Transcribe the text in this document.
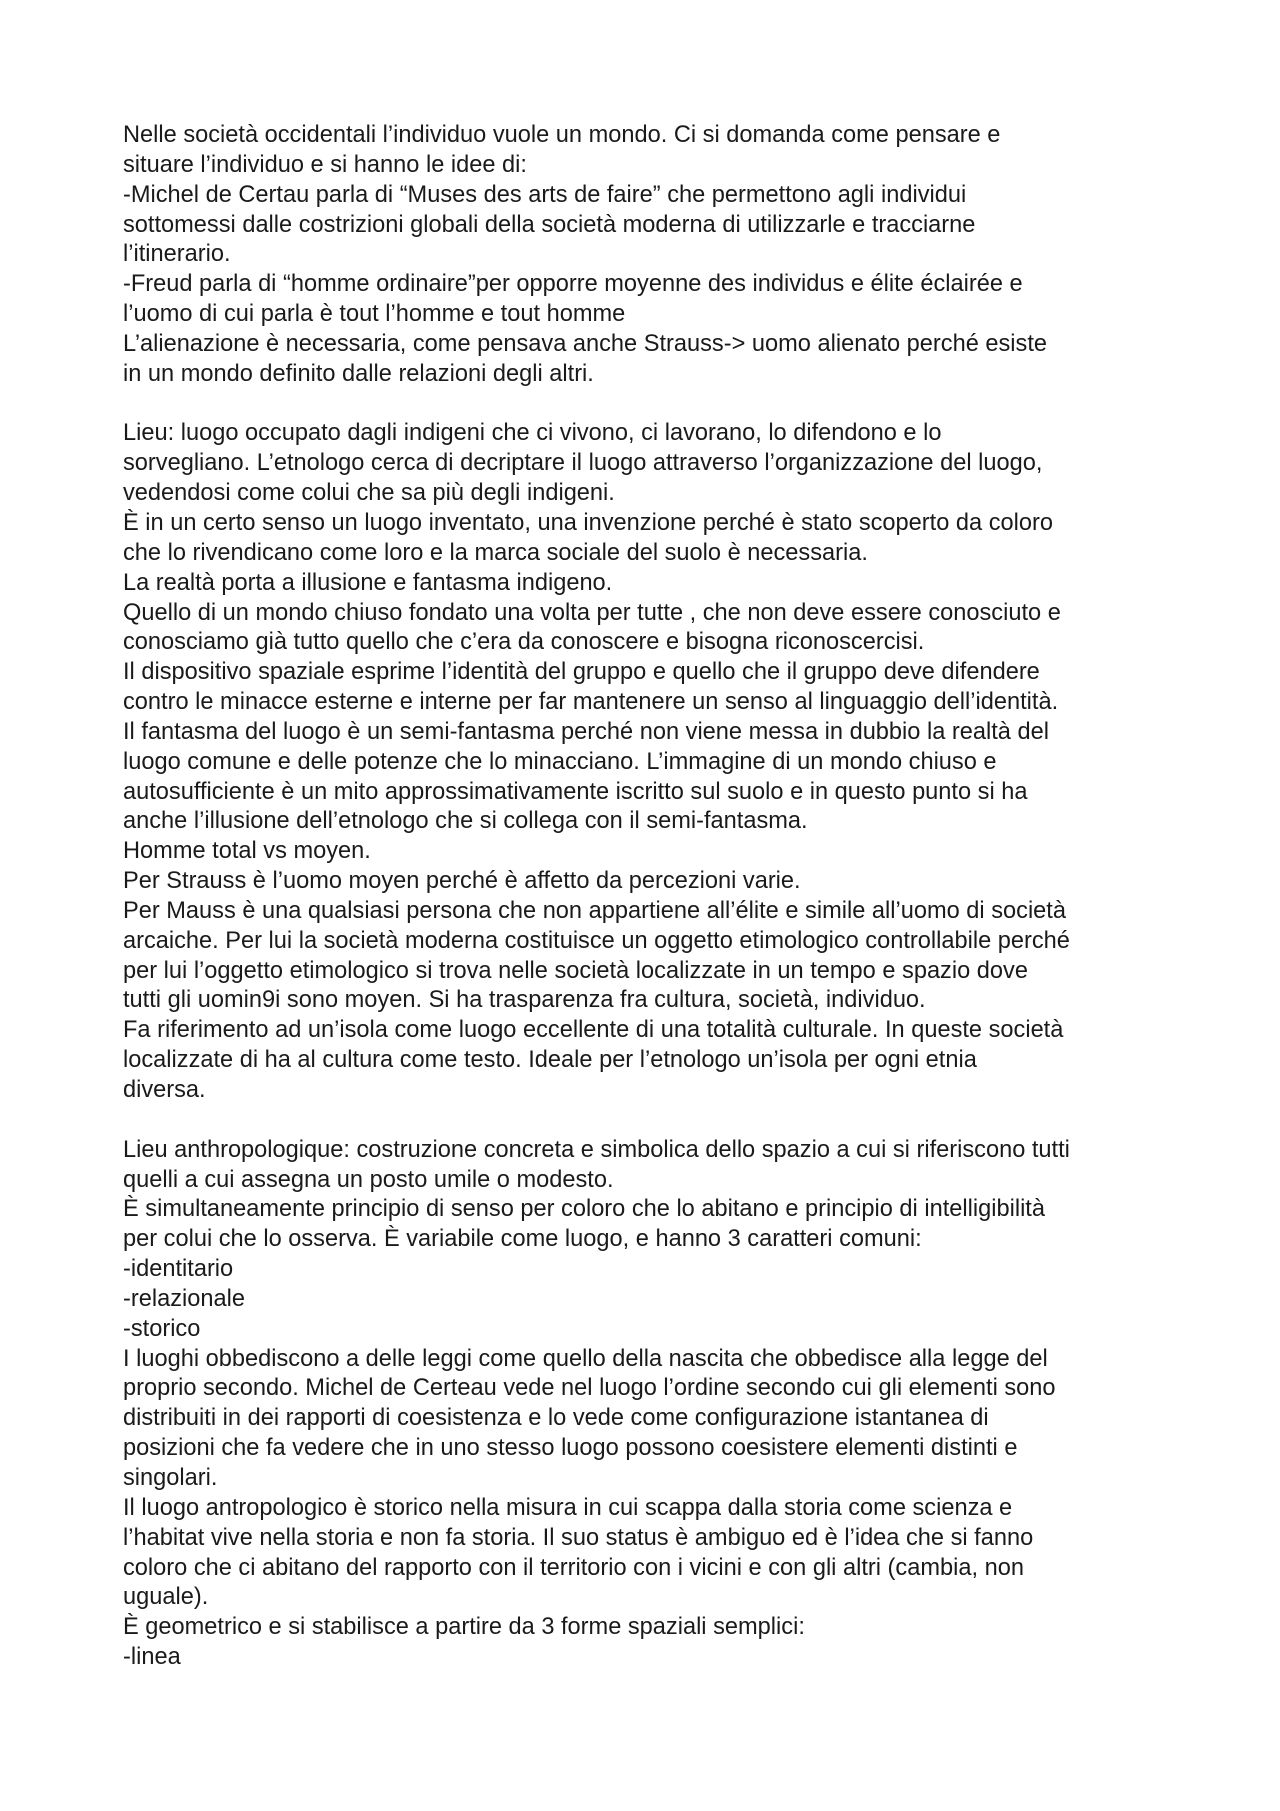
Nelle società occidentali l’individuo vuole un mondo. Ci si domanda come pensare e
situare l’individuo e si hanno le idee di:
-Michel de Certau parla di “Muses des arts de faire” che permettono agli individui
sottomessi dalle costrizioni globali della società moderna di utilizzarle e tracciarne
l’itinerario.
-Freud parla di “homme ordinaire”per opporre moyenne des individus e élite éclairée e
l’uomo di cui parla è tout l’homme e tout homme
L’alienazione è necessaria, come pensava anche Strauss-> uomo alienato perché esiste
in un mondo definito dalle relazioni degli altri.
Lieu: luogo occupato dagli indigeni che ci vivono, ci lavorano, lo difendono e lo
sorvegliano. L’etnologo cerca di decriptare il luogo attraverso l’organizzazione del luogo,
vedendosi come colui che sa più degli indigeni.
È in un certo senso un luogo inventato, una invenzione perché è stato scoperto da coloro
che lo rivendicano come loro e la marca sociale del suolo è necessaria.
La realtà porta a illusione e fantasma indigeno.
Quello di un mondo chiuso fondato una volta per tutte , che non deve essere conosciuto e
conosciamo già tutto quello che c’era da conoscere e bisogna riconoscercisi.
Il dispositivo spaziale esprime l’identità del gruppo e quello che il gruppo deve difendere
contro le minacce esterne e interne per far mantenere un senso al linguaggio dell’identità.
Il fantasma del luogo è un semi-fantasma perché non viene messa in dubbio la realtà del
luogo comune e delle potenze che lo minacciano. L’immagine di un mondo chiuso e
autosufficiente è un mito approssimativamente iscritto sul suolo e in questo punto si ha
anche l’illusione dell’etnologo che si collega con il semi-fantasma.
Homme total vs moyen.
Per Strauss è l’uomo moyen perché è affetto da percezioni varie.
Per Mauss è una qualsiasi persona che non appartiene all’élite e simile all’uomo di società
arcaiche. Per lui la società moderna costituisce un oggetto etimologico controllabile perché
per lui l’oggetto etimologico si trova nelle società localizzate in un tempo e spazio dove
tutti gli uomin9i sono moyen. Si ha trasparenza fra cultura, società, individuo.
Fa riferimento ad un’isola come luogo eccellente di una totalità culturale. In queste società
localizzate di ha al cultura come testo. Ideale per l’etnologo un’isola per ogni etnia
diversa.
Lieu anthropologique: costruzione concreta e simbolica dello spazio a cui si riferiscono tutti
quelli a cui assegna un posto umile o modesto.
È simultaneamente principio di senso per coloro che lo abitano e principio di intelligibilità
per colui che lo osserva. È variabile come luogo, e hanno 3 caratteri comuni:
-identitario
-relazionale
-storico
I luoghi obbediscono a delle leggi come quello della nascita che obbedisce alla legge del
proprio secondo. Michel de Certeau vede nel luogo l’ordine secondo cui gli elementi sono
distribuiti in dei rapporti di coesistenza e lo vede come configurazione istantanea di
posizioni che fa vedere che in uno stesso luogo possono coesistere elementi distinti e
singolari.
Il luogo antropologico è storico nella misura in cui scappa dalla storia come scienza e
l’habitat vive nella storia e non fa storia. Il suo status è ambiguo ed è l’idea che si fanno
coloro che ci abitano del rapporto con il territorio con i vicini e con gli altri (cambia, non
uguale).
È geometrico e si stabilisce a partire da 3 forme spaziali semplici:
-linea
